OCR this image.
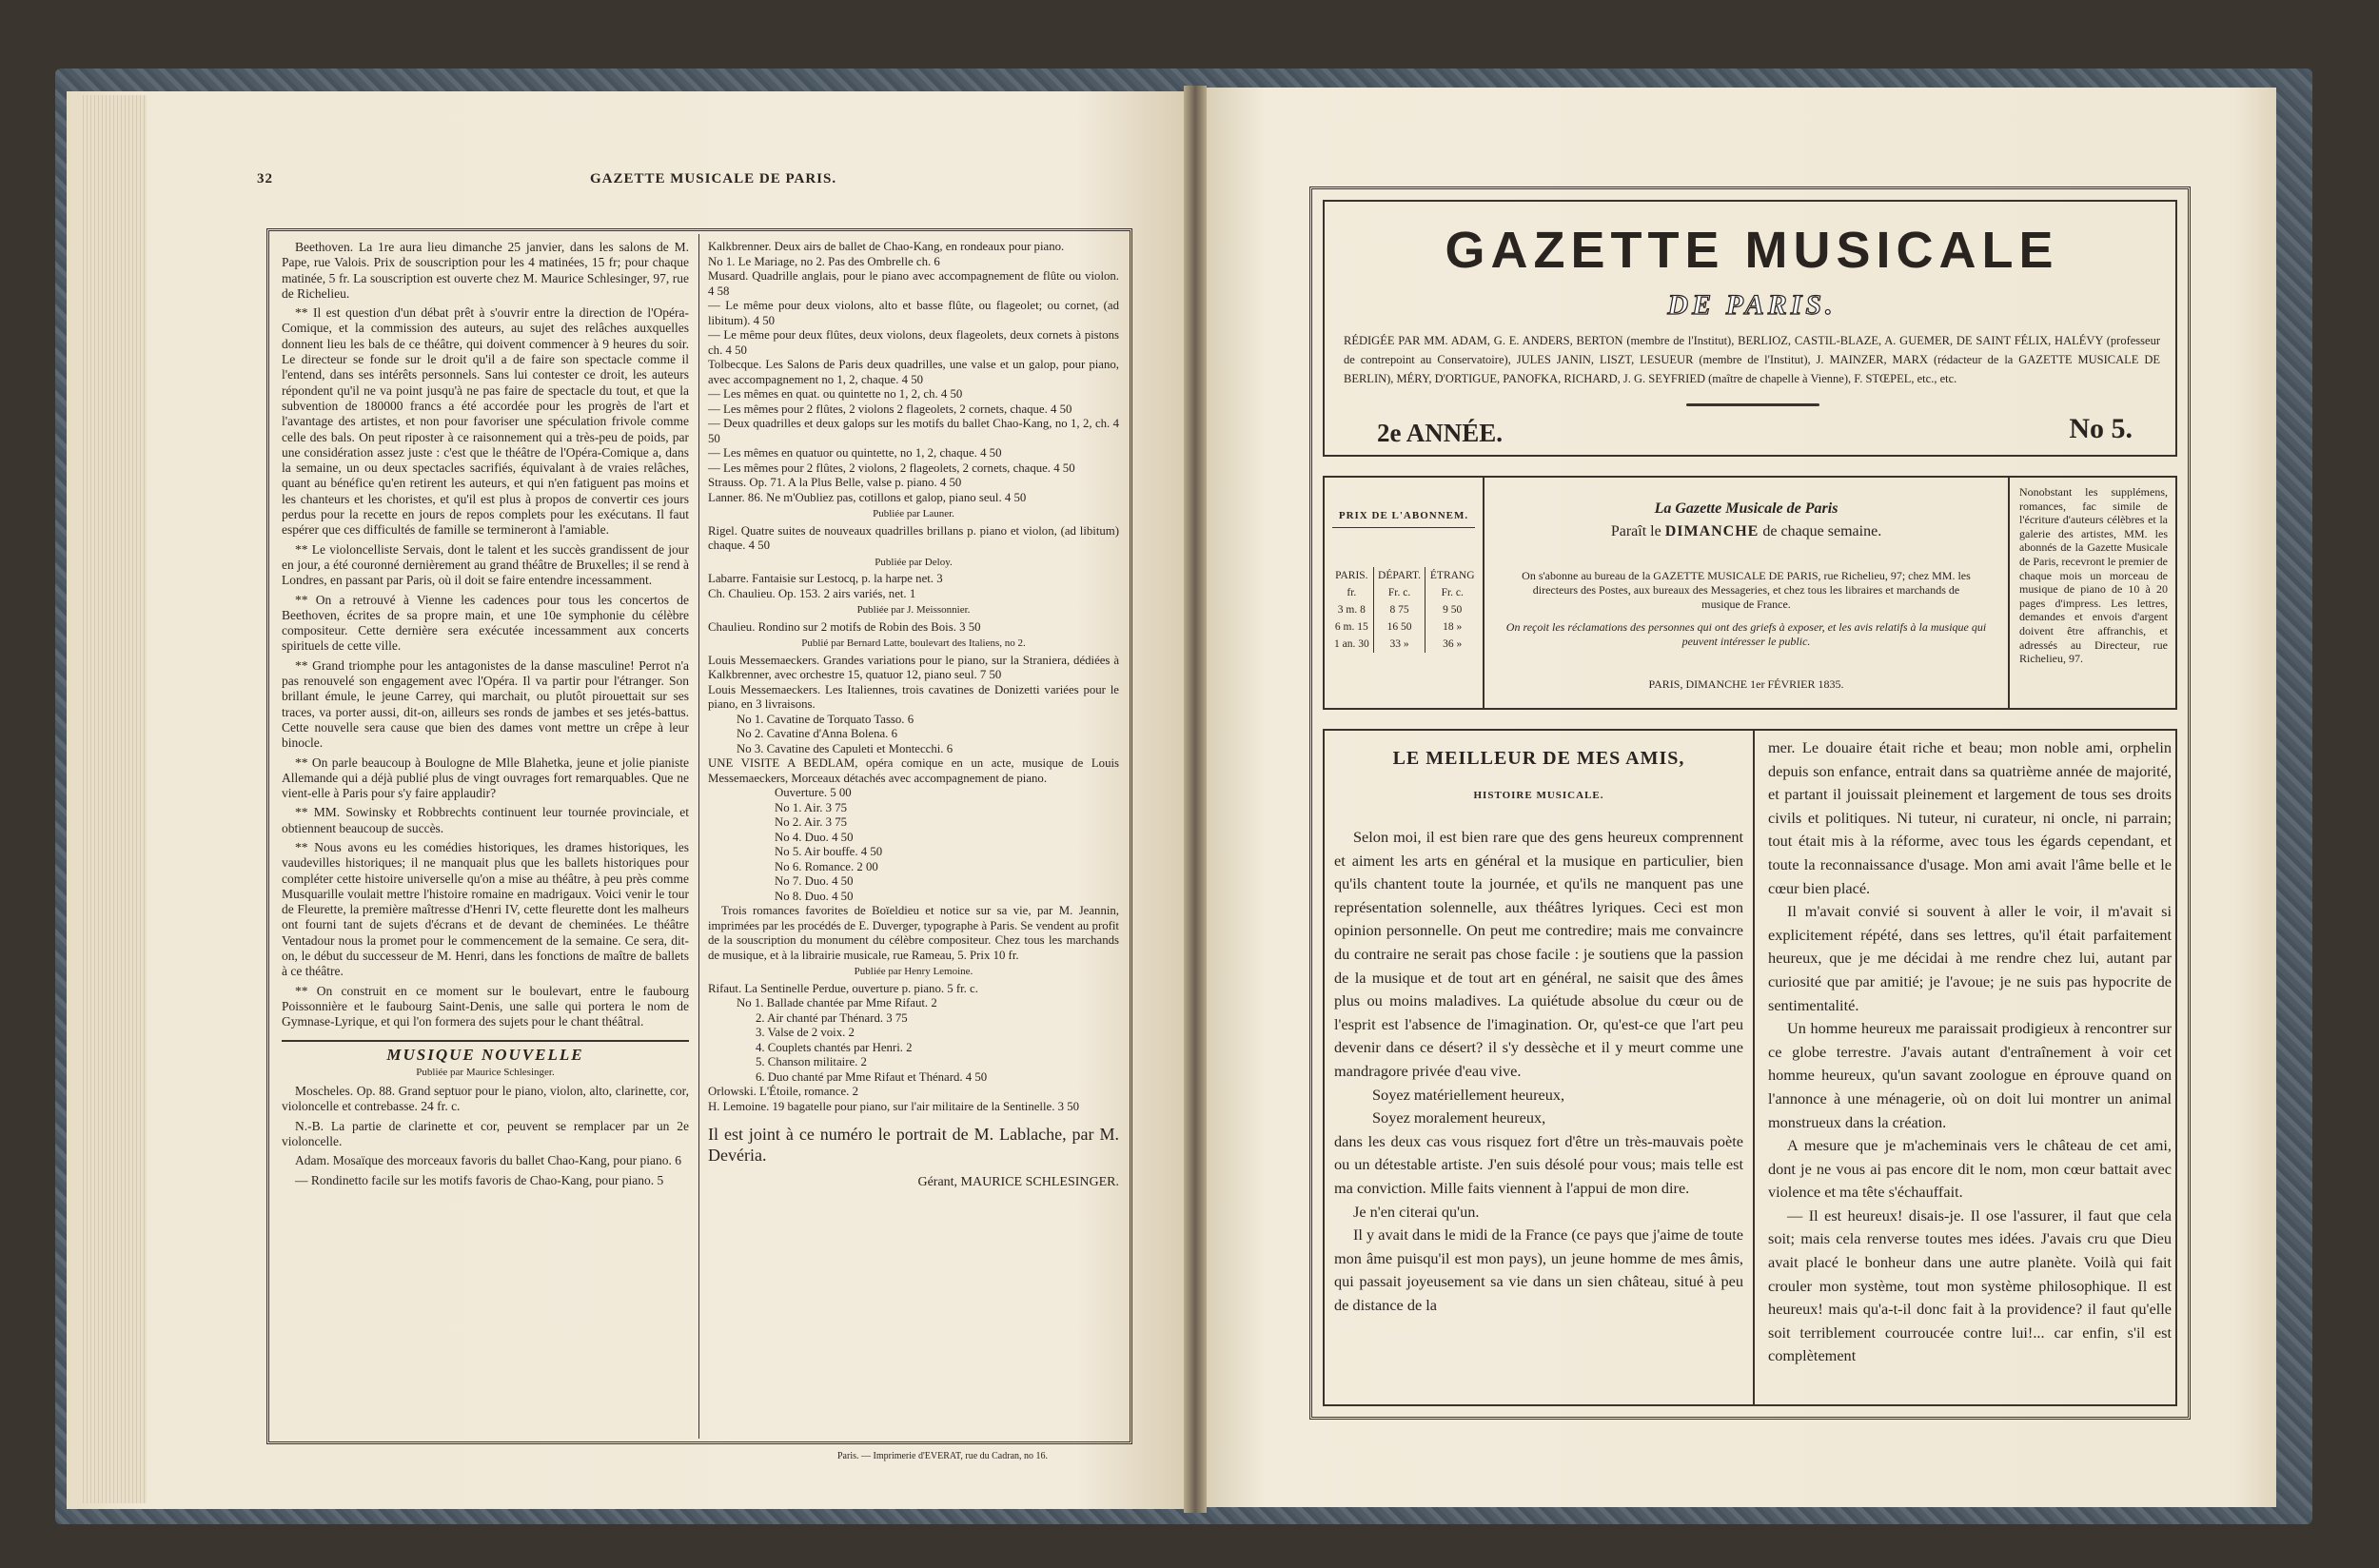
32	GAZETTE MUSICALE DE PARIS.

Beethoven. La 1re aura lieu dimanche 25 janvier, dans les salons de M. Pape, rue Valois. Prix de souscription pour les 4 matinées, 15 fr; pour chaque matinée, 5 fr. La souscription est ouverte chez M. Maurice Schlesinger, 97, rue de Richelieu.

** Il est question d'un débat prêt à s'ouvrir entre la direction de l'Opéra-Comique, et la commission des auteurs, au sujet des relâches auxquelles donnent lieu les bals de ce théâtre, qui doivent commencer à 9 heures du soir. Le directeur se fonde sur le droit qu'il a de faire son spectacle comme il l'entend, dans ses intérêts personnels. Sans lui contester ce droit, les auteurs répondent qu'il ne va point jusqu'à ne pas faire de spectacle du tout, et que la subvention de 180000 francs a été accordée pour les progrès de l'art et l'avantage des artistes, et non pour favoriser une spéculation frivole comme celle des bals. On peut riposter à ce raisonnement qui a très-peu de poids, par une considération assez juste : c'est que le théâtre de l'Opéra-Comique a, dans la semaine, un ou deux spectacles sacrifiés, équivalant à de vraies relâches, quant au bénéfice qu'en retirent les auteurs, et qui n'en fatiguent pas moins et les chanteurs et les choristes, et qu'il est plus à propos de convertir ces jours perdus pour la recette en jours de repos complets pour les exécutans. Il faut espérer que ces difficultés de famille se termineront à l'amiable.

** Le violoncelliste Servais, dont le talent et les succès grandissent de jour en jour, a été couronné dernièrement au grand théâtre de Bruxelles; il se rend à Londres, en passant par Paris, où il doit se faire entendre incessamment.

** On a retrouvé à Vienne les cadences pour tous les concertos de Beethoven, écrites de sa propre main, et une 10e symphonie du célèbre compositeur. Cette dernière sera exécutée incessamment aux concerts spirituels de cette ville.

** Grand triomphe pour les antagonistes de la danse masculine! Perrot n'a pas renouvelé son engagement avec l'Opéra. Il va partir pour l'étranger. Son brillant émule, le jeune Carrey, qui marchait, ou plutôt pirouettait sur ses traces, va porter aussi, dit-on, ailleurs ses ronds de jambes et ses jetés-battus. Cette nouvelle sera cause que bien des dames vont mettre un crêpe à leur binocle.

** On parle beaucoup à Boulogne de Mlle Blahetka, jeune et jolie pianiste Allemande qui a déjà publié plus de vingt ouvrages fort remarquables. Que ne vient-elle à Paris pour s'y faire applaudir?

** MM. Sowinsky et Robbrechts continuent leur tournée provinciale, et obtiennent beaucoup de succès.

** Nous avons eu les comédies historiques, les drames historiques, les vaudevilles historiques; il ne manquait plus que les ballets historiques pour compléter cette histoire universelle qu'on a mise au théâtre, à peu près comme Musquarille voulait mettre l'histoire romaine en madrigaux. Voici venir le tour de Fleurette, la première maîtresse d'Henri IV, cette fleurette dont les malheurs ont fourni tant de sujets d'écrans et de devant de cheminées. Le théâtre Ventadour nous la promet pour le commencement de la semaine. Ce sera, dit-on, le début du successeur de M. Henri, dans les fonctions de maître de ballets à ce théâtre.

** On construit en ce moment sur le boulevart, entre le faubourg Poissonnière et le faubourg Saint-Denis, une salle qui portera le nom de Gymnase-Lyrique, et qui l'on formera des sujets pour le chant théâtral.

MUSIQUE NOUVELLE

Publiée par Maurice Schlesinger.

Moscheles. Op. 88. Grand septuor pour le piano, violon, alto, clarinette, cor, violoncelle et contrebasse. 24 fr. c.

N.-B. La partie de clarinette et cor, peuvent se remplacer par un 2e violoncelle.

Adam. Mosaïque des morceaux favoris du ballet Chao-Kang, pour piano. 6

— Rondinetto facile sur les motifs favoris de Chao-Kang, pour piano. 5

Kalkbrenner. Deux airs de ballet de Chao-Kang, en rondeaux pour piano.
No 1. Le Mariage, no 2. Pas des Ombrelle ch. 6
Musard. Quadrille anglais, pour le piano avec accompagnement de flûte ou violon. 4 58
— Le même pour deux violons, alto et basse flûte, ou flageolet; ou cornet, (ad libitum). 4 50
— Le même pour deux flûtes, deux violons, deux flageolets, deux cornets à pistons ch. 4 50
Tolbecque. Les Salons de Paris deux quadrilles, une valse et un galop, pour piano, avec accompagnement no 1, 2, chaque. 4 50
— Les mêmes en quat. ou quintette no 1, 2, ch. 4 50
— Les mêmes pour 2 flûtes, 2 violons 2 flageolets, 2 cornets, chaque. 4 50
— Deux quadrilles et deux galops sur les motifs du ballet Chao-Kang, no 1, 2, ch. 4 50
— Les mêmes en quatuor ou quintette, no 1, 2, chaque. 4 50
— Les mêmes pour 2 flûtes, 2 violons, 2 flageolets, 2 cornets, chaque. 4 50
Strauss. Op. 71. A la Plus Belle, valse p. piano. 4 50
Lanner. 86. Ne m'Oubliez pas, cotillons et galop, piano seul. 4 50
Publiée par Launer.
Rigel. Quatre suites de nouveaux quadrilles brillans p. piano et violon, (ad libitum) chaque. 4 50
Publiée par Deloy.
Labarre. Fantaisie sur Lestocq, p. la harpe net. 3
Ch. Chaulieu. Op. 153. 2 airs variés, net. 1
Publiée par J. Meissonnier.
Chaulieu. Rondino sur 2 motifs de Robin des Bois. 3 50
Publié par Bernard Latte, boulevart des Italiens, no 2.
Louis Messemaeckers. Grandes variations pour le piano, sur la Straniera, dédiées à Kalkbrenner, avec orchestre 15, quatuor 12, piano seul. 7 50
Louis Messemaeckers. Les Italiennes, trois cavatines de Donizetti variées pour le piano, en 3 livraisons.
No 1. Cavatine de Torquato Tasso. 6
No 2. Cavatine d'Anna Bolena. 6
No 3. Cavatine des Capuleti et Montecchi. 6
UNE VISITE A BEDLAM, opéra comique en un acte, musique de Louis Messemaeckers, Morceaux détachés avec accompagnement de piano.
Ouverture. 5 00
No 1. Air. 3 75
No 2. Air. 3 75
No 4. Duo. 4 50
No 5. Air bouffe. 4 50
No 6. Romance. 2 00
No 7. Duo. 4 50
No 8. Duo. 4 50
Trois romances favorites de Boïeldieu et notice sur sa vie, par M. Jeannin, imprimées par les procédés de E. Duverger, typographe à Paris. Se vendent au profit de la souscription du monument du célèbre compositeur. Chez tous les marchands de musique, et à la librairie musicale, rue Rameau, 5. Prix 10 fr.
Publiée par Henry Lemoine.
Rifaut. La Sentinelle Perdue, ouverture p. piano. 5 fr. c.
No 1. Ballade chantée par Mme Rifaut. 2
2. Air chanté par Thénard. 3 75
3. Valse de 2 voix. 2
4. Couplets chantés par Henri. 2
5. Chanson militaire. 2
6. Duo chanté par Mme Rifaut et Thénard. 4 50
Orlowski. L'Étoile, romance. 2
H. Lemoine. 19 bagatelle pour piano, sur l'air militaire de la Sentinelle. 3 50
Il est joint à ce numéro le portrait de M. Lablache, par M. Devéria.
Gérant, MAURICE SCHLESINGER.
Paris. — Imprimerie d'EVERAT, rue du Cadran, no 16.
GAZETTE MUSICALE
DE PARIS.
RÉDIGÉE PAR MM. ADAM, G. E. ANDERS, BERTON (membre de l'Institut), BERLIOZ, CASTIL-BLAZE, A. GUEMER, DE SAINT FÉLIX, HALÉVY (professeur de contrepoint au Conservatoire), JULES JANIN, LISZT, LESUEUR (membre de l'Institut), J. MAINZER, MARX (rédacteur de la GAZETTE MUSICALE DE BERLIN), MÉRY, D'ORTIGUE, PANOFKA, RICHARD, J. G. SEYFRIED (maître de chapelle à Vienne), F. STŒPEL, etc., etc.
2e ANNÉE.	No 5.
PRIX DE L'ABONNEM.
PARIS.	DÉPART.	ÉTRANG
fr.	Fr. c.	Fr. c.
3 m. 8	8 75	9 50
6 m. 15	16 50	18 »
1 an. 30	33 »	36 »
La Gazette Musicale de Paris
Paraît le DIMANCHE de chaque semaine.
On s'abonne au bureau de la GAZETTE MUSICALE DE PARIS, rue Richelieu, 97; chez MM. les directeurs des Postes, aux bureaux des Messageries, et chez tous les libraires et marchands de musique de France.
On reçoit les réclamations des personnes qui ont des griefs à exposer, et les avis relatifs à la musique qui peuvent intéresser le public.
PARIS, DIMANCHE 1er FÉVRIER 1835.
Nonobstant les supplémens, romances, fac simile de l'écriture d'auteurs célèbres et la galerie des artistes, MM. les abonnés de la Gazette Musicale de Paris, recevront le premier de chaque mois un morceau de musique de piano de 10 à 20 pages d'impress. Les lettres, demandes et envois d'argent doivent être affranchis, et adressés au Directeur, rue Richelieu, 97.
LE MEILLEUR DE MES AMIS,
HISTOIRE MUSICALE.

Selon moi, il est bien rare que des gens heureux comprennent et aiment les arts en général et la musique en particulier, bien qu'ils chantent toute la journée, et qu'ils ne manquent pas une représentation solennelle, aux théâtres lyriques. Ceci est mon opinion personnelle. On peut me contredire; mais me convaincre du contraire ne serait pas chose facile : je soutiens que la passion de la musique et de tout art en général, ne saisit que des âmes plus ou moins maladives. La quiétude absolue du cœur ou de l'esprit est l'absence de l'imagination. Or, qu'est-ce que l'art peu devenir dans ce désert? il s'y dessèche et il y meurt comme une mandragore privée d'eau vive.

Soyez matériellement heureux,

Soyez moralement heureux,

dans les deux cas vous risquez fort d'être un très-mauvais poète ou un détestable artiste. J'en suis désolé pour vous; mais telle est ma conviction. Mille faits viennent à l'appui de mon dire.

Je n'en citerai qu'un.

Il y avait dans le midi de la France (ce pays que j'aime de toute mon âme puisqu'il est mon pays), un jeune homme de mes âmis, qui passait joyeusement sa vie dans un sien château, situé à peu de distance de la

mer. Le douaire était riche et beau; mon noble ami, orphelin depuis son enfance, entrait dans sa quatrième année de majorité, et partant il jouissait pleinement et largement de tous ses droits civils et politiques. Ni tuteur, ni curateur, ni oncle, ni parrain; tout était mis à la réforme, avec tous les égards cependant, et toute la reconnaissance d'usage. Mon ami avait l'âme belle et le cœur bien placé.

Il m'avait convié si souvent à aller le voir, il m'avait si explicitement répété, dans ses lettres, qu'il était parfaitement heureux, que je me décidai à me rendre chez lui, autant par curiosité que par amitié; je l'avoue; je ne suis pas hypocrite de sentimentalité.

Un homme heureux me paraissait prodigieux à rencontrer sur ce globe terrestre. J'avais autant d'entraînement à voir cet homme heureux, qu'un savant zoologue en éprouve quand on l'annonce à une ménagerie, où on doit lui montrer un animal monstrueux dans la création.

A mesure que je m'acheminais vers le château de cet ami, dont je ne vous ai pas encore dit le nom, mon cœur battait avec violence et ma tête s'échauffait.

— Il est heureux! disais-je. Il ose l'assurer, il faut que cela soit; mais cela renverse toutes mes idées. J'avais cru que Dieu avait placé le bonheur dans une autre planète. Voilà qui fait crouler mon système, tout mon système philosophique. Il est heureux! mais qu'a-t-il donc fait à la providence? il faut qu'elle soit terriblement courroucée contre lui!... car enfin, s'il est complètement
